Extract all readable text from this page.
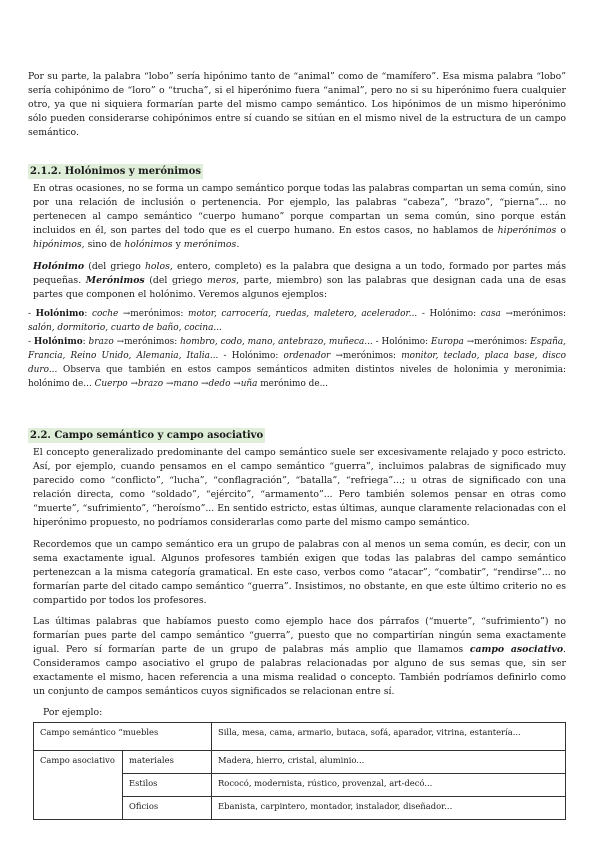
Por su parte, la palabra “lobo” sería hipónimo tanto de “animal” como de “mamífero”. Esa misma palabra “lobo” sería cohipónimo de “loro” o “trucha”, si el hiperónimo fuera “animal”, pero no si su hiperónimo fuera cualquier otro, ya que ni siquiera formarían parte del mismo campo semántico. Los hipónimos de un mismo hiperónimo sólo pueden considerarse cohipónimos entre sí cuando se sitúan en el mismo nivel de la estructura de un campo semántico.

2.1.2. Holónimos y merónimos

En otras ocasiones, no se forma un campo semántico porque todas las palabras compartan un sema común, sino por una relación de inclusión o pertenencia. Por ejemplo, las palabras “cabeza”, “brazo”, “pierna”... no pertenecen al campo semántico “cuerpo humano” porque compartan un sema común, sino porque están incluidos en él, son partes del todo que es el cuerpo humano. En estos casos, no hablamos de hiperónimos o hipónimos, sino de holónimos y merónimos.

Holónimo (del griego holos, entero, completo) es la palabra que designa a un todo, formado por partes más pequeñas. Merónimos (del griego meros, parte, miembro) son las palabras que designan cada una de esas partes que componen el holónimo. Veremos algunos ejemplos:

- Holónimo: coche →merónimos: motor, carrocería, ruedas, maletero, acelerador... - Holónimo: casa →merónimos: salón, dormitorio, cuarto de baño, cocina...
- Holónimo: brazo →merónimos: hombro, codo, mano, antebrazo, muñeca... - Holónimo: Europa →merónimos: España, Francia, Reino Unido, Alemania, Italia... - Holónimo: ordenador →merónimos: monitor, teclado, placa base, disco duro... Observa que también en estos campos semánticos admiten distintos niveles de holonimia y meronimia: holónimo de... Cuerpo →brazo →mano →dedo →uña merónimo de...

2.2. Campo semántico y campo asociativo

El concepto generalizado predominante del campo semántico suele ser excesivamente relajado y poco estricto. Así, por ejemplo, cuando pensamos en el campo semántico “guerra”, incluimos palabras de significado muy parecido como “conflicto”, “lucha”, “conflagración”, “batalla”, “refriega”...; u otras de significado con una relación directa, como “soldado”, “ejército”, “armamento”... Pero también solemos pensar en otras como “muerte”, “sufrimiento”, “heroísmo”... En sentido estricto, estas últimas, aunque claramente relacionadas con el hiperónimo propuesto, no podríamos considerarlas como parte del mismo campo semántico.

Recordemos que un campo semántico era un grupo de palabras con al menos un sema común, es decir, con un sema exactamente igual. Algunos profesores también exigen que todas las palabras del campo semántico pertenezcan a la misma categoría gramatical. En este caso, verbos como “atacar”, “combatir”, “rendirse”... no formarían parte del citado campo semántico “guerra”. Insistimos, no obstante, en que este último criterio no es compartido por todos los profesores.

Las últimas palabras que habíamos puesto como ejemplo hace dos párrafos (“muerte”, “sufrimiento”) no formarían pues parte del campo semántico “guerra”, puesto que no compartirían ningún sema exactamente igual. Pero sí formarían parte de un grupo de palabras más amplio que llamamos campo asociativo. Consideramos campo asociativo el grupo de palabras relacionadas por alguno de sus semas que, sin ser exactamente el mismo, hacen referencia a una misma realidad o concepto. También podríamos definirlo como un conjunto de campos semánticos cuyos significados se relacionan entre sí.

Por ejemplo:
Campo semántico “muebles		Silla, mesa, cama, armario, butaca, sofá, aparador, vitrina, estantería...
Campo asociativo	materiales	Madera, hierro, cristal, aluminio...
	Estilos	Rococó, modernista, rústico, provenzal, art-decó...
	Oficios	Ebanista, carpintero, montador, instalador, diseñador...
